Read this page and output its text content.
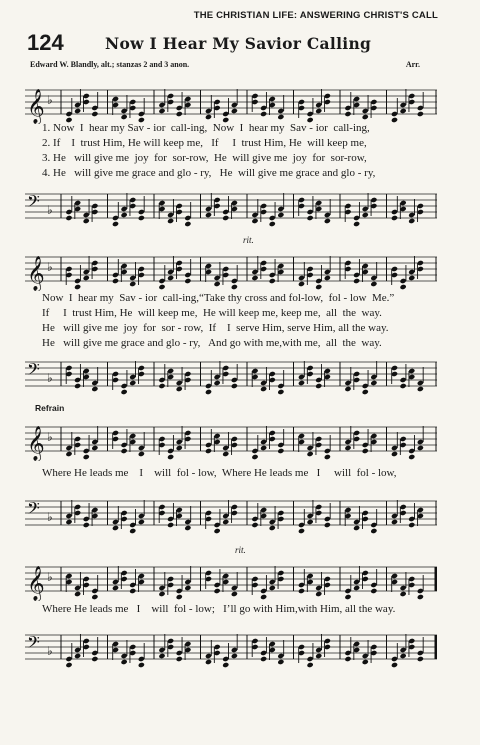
THE CHRISTIAN LIFE: ANSWERING CHRIST'S CALL
124	Now I Hear My Savior Calling
Edward W. Blandly, alt.; stanzas 2 and 3 anon.	Arr.
𝄞 ♭
1. Now  I  hear my Sav - ior  call-ing,  Now  I  hear my  Sav - ior  call-ing,
2. If    I  trust Him, He will keep me,   If     I  trust Him, He  will keep me,
3. He   will give me  joy  for  sor-row,  He  will give me  joy  for  sor-row,
4. He   will give me grace and glo - ry,   He  will give me grace and glo - ry,
𝄢 ♭
rit.
𝄞 ♭
Now  I  hear my  Sav - ior  call-ing,“Take thy cross and fol-low,  fol - low  Me.”
If     I  trust Him, He  will keep me,  He will keep me, keep me,  all  the  way.
He   will give me  joy  for  sor - row,  If    I  serve Him, serve Him, all the way.
He   will give me grace and glo - ry,   And go with me,with me,  all  the  way.
𝄢 ♭
Refrain
𝄞 ♭
Where He leads me    I    will  fol - low,  Where He leads me   I     will  fol - low,
𝄢 ♭
rit.
𝄞 ♭
Where He leads me   I    will  fol - low;   I’ll go with Him,with Him, all the way.
𝄢 ♭
